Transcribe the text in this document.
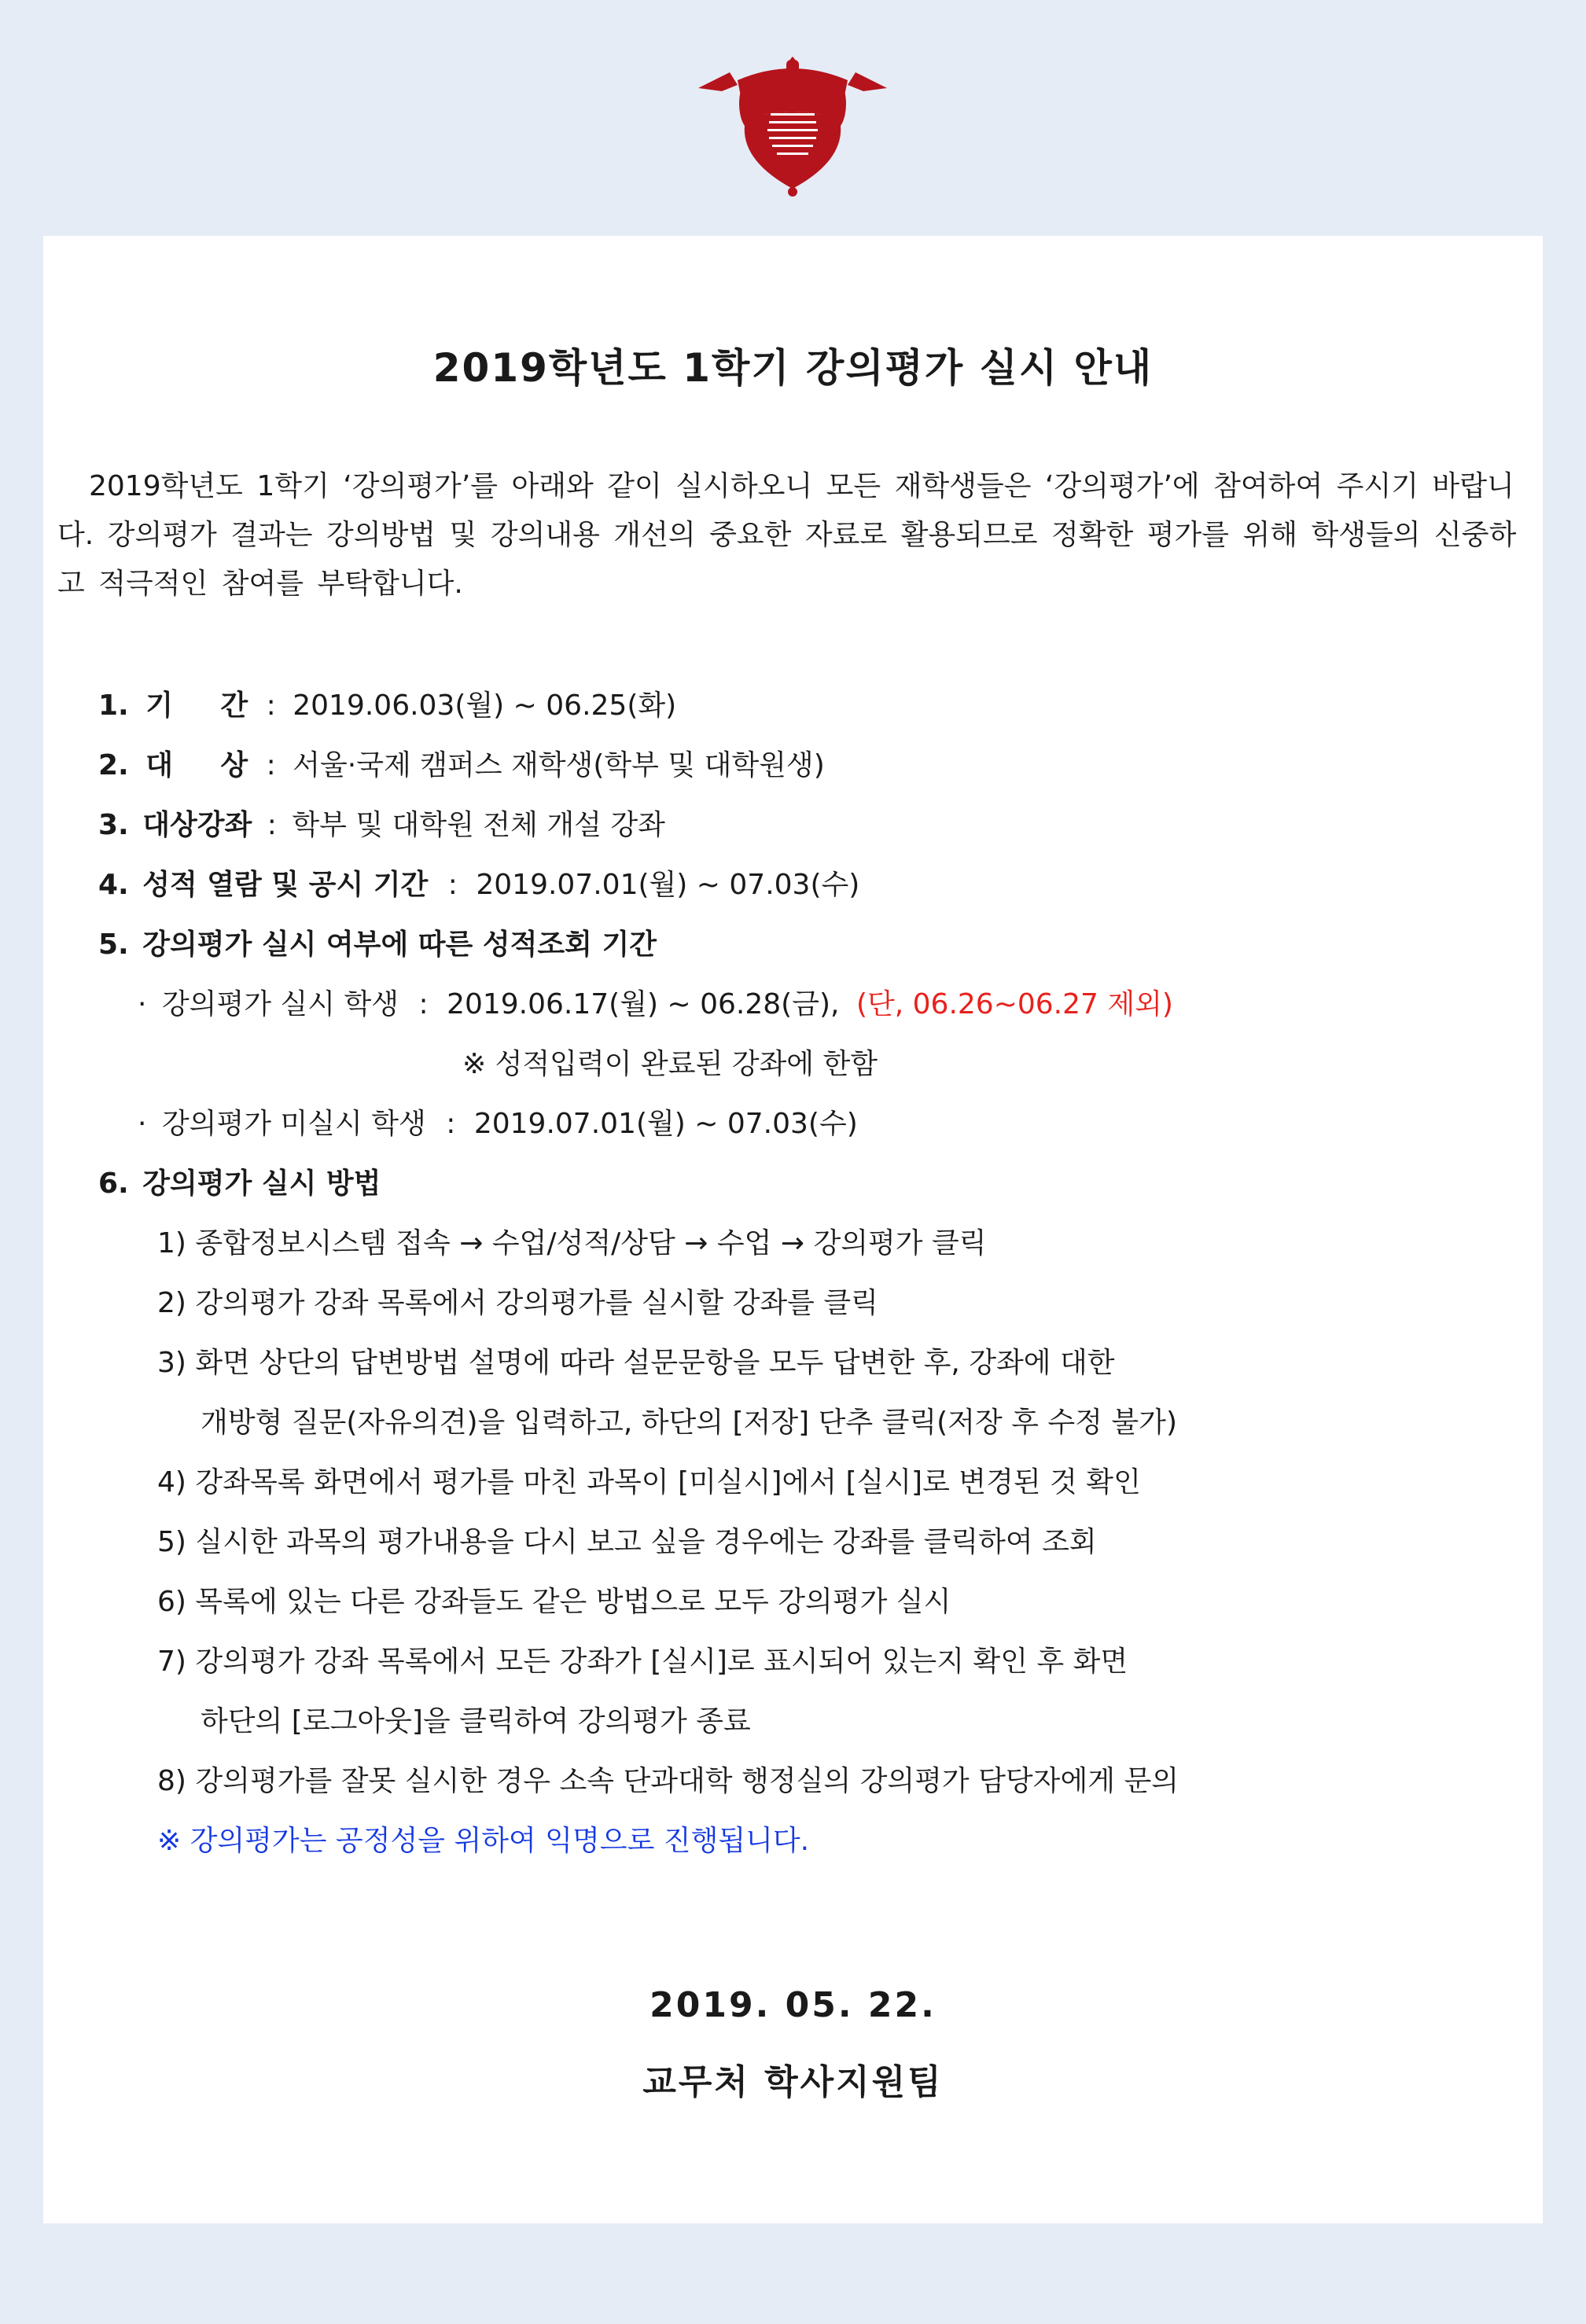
2019학년도 1학기 강의평가 실시 안내
2019학년도 1학기 ‘강의평가’를 아래와 같이 실시하오니 모든 재학생들은 ‘강의평가’에 참여하여 주시기 바랍니다. 강의평가 결과는 강의방법 및 강의내용 개선의 중요한 자료로 활용되므로 정확한 평가를 위해 학생들의 신중하고 적극적인 참여를 부탁합니다.
1. 기 간 : 2019.06.03(월) ~ 06.25(화)
2. 대 상 : 서울·국제 캠퍼스 재학생(학부 및 대학원생)
3. 대상강좌 : 학부 및 대학원 전체 개설 강좌
4. 성적 열람 및 공시 기간 : 2019.07.01(월) ~ 07.03(수)
5. 강의평가 실시 여부에 따른 성적조회 기간
· 강의평가 실시 학생 : 2019.06.17(월) ~ 06.28(금), (단, 06.26~06.27 제외)
※ 성적입력이 완료된 강좌에 한함
· 강의평가 미실시 학생 : 2019.07.01(월) ~ 07.03(수)
6. 강의평가 실시 방법
1) 종합정보시스템 접속 → 수업/성적/상담 → 수업 → 강의평가 클릭
2) 강의평가 강좌 목록에서 강의평가를 실시할 강좌를 클릭
3) 화면 상단의 답변방법 설명에 따라 설문문항을 모두 답변한 후, 강좌에 대한
개방형 질문(자유의견)을 입력하고, 하단의 [저장] 단추 클릭(저장 후 수정 불가)
4) 강좌목록 화면에서 평가를 마친 과목이 [미실시]에서 [실시]로 변경된 것 확인
5) 실시한 과목의 평가내용을 다시 보고 싶을 경우에는 강좌를 클릭하여 조회
6) 목록에 있는 다른 강좌들도 같은 방법으로 모두 강의평가 실시
7) 강의평가 강좌 목록에서 모든 강좌가 [실시]로 표시되어 있는지 확인 후 화면
하단의 [로그아웃]을 클릭하여 강의평가 종료
8) 강의평가를 잘못 실시한 경우 소속 단과대학 행정실의 강의평가 담당자에게 문의
※ 강의평가는 공정성을 위하여 익명으로 진행됩니다.
2019. 05. 22.
교무처 학사지원팀
